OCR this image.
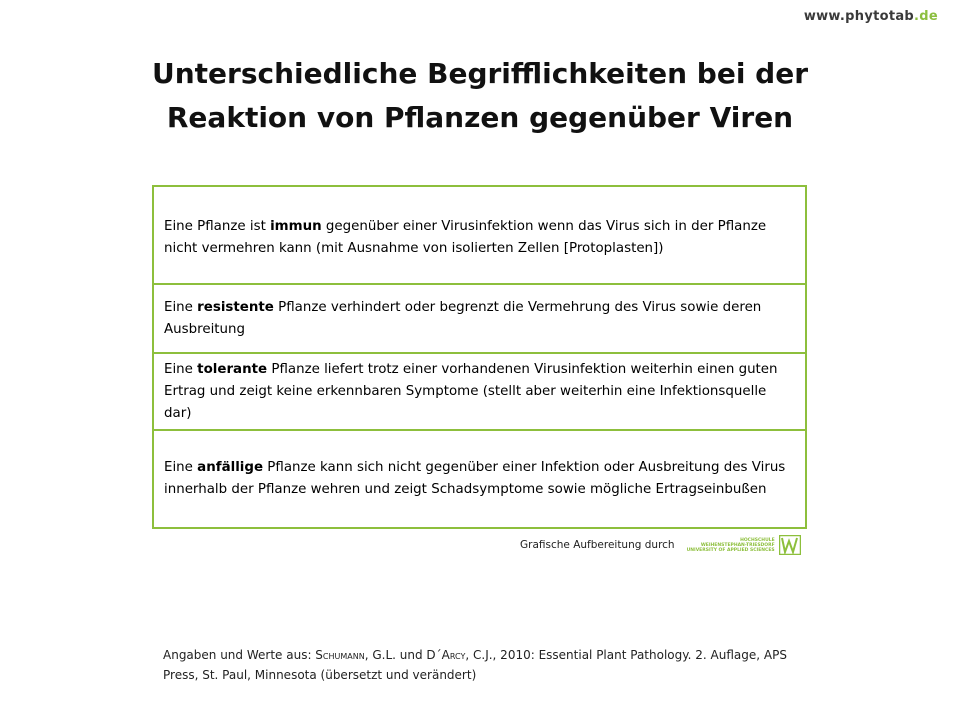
www.phytotab.de
Unterschiedliche Begrifflichkeiten bei der
Reaktion von Pflanzen gegenüber Viren
Eine Pflanze ist immun gegenüber einer Virusinfektion wenn das Virus sich in der Pflanze nicht vermehren kann (mit Ausnahme von isolierten Zellen [Protoplasten])
Eine resistente Pflanze verhindert oder begrenzt die Vermehrung des Virus sowie deren Ausbreitung
Eine tolerante Pflanze liefert trotz einer vorhandenen Virusinfektion weiterhin einen guten Ertrag und zeigt keine erkennbaren Symptome (stellt aber weiterhin eine Infektionsquelle dar)
Eine anfällige Pflanze kann sich nicht gegenüber einer Infektion oder Ausbreitung des Virus innerhalb der Pflanze wehren und zeigt Schadsymptome sowie mögliche Ertragseinbußen
Grafische Aufbereitung durch	HOCHSCHULE
WEIHENSTEPHAN-TRIESDORF
UNIVERSITY OF APPLIED SCIENCES
Angaben und Werte aus: Schumann, G.L. und D´Arcy, C.J., 2010: Essential Plant Pathology. 2. Auflage, APS Press, St. Paul, Minnesota (übersetzt und verändert)
